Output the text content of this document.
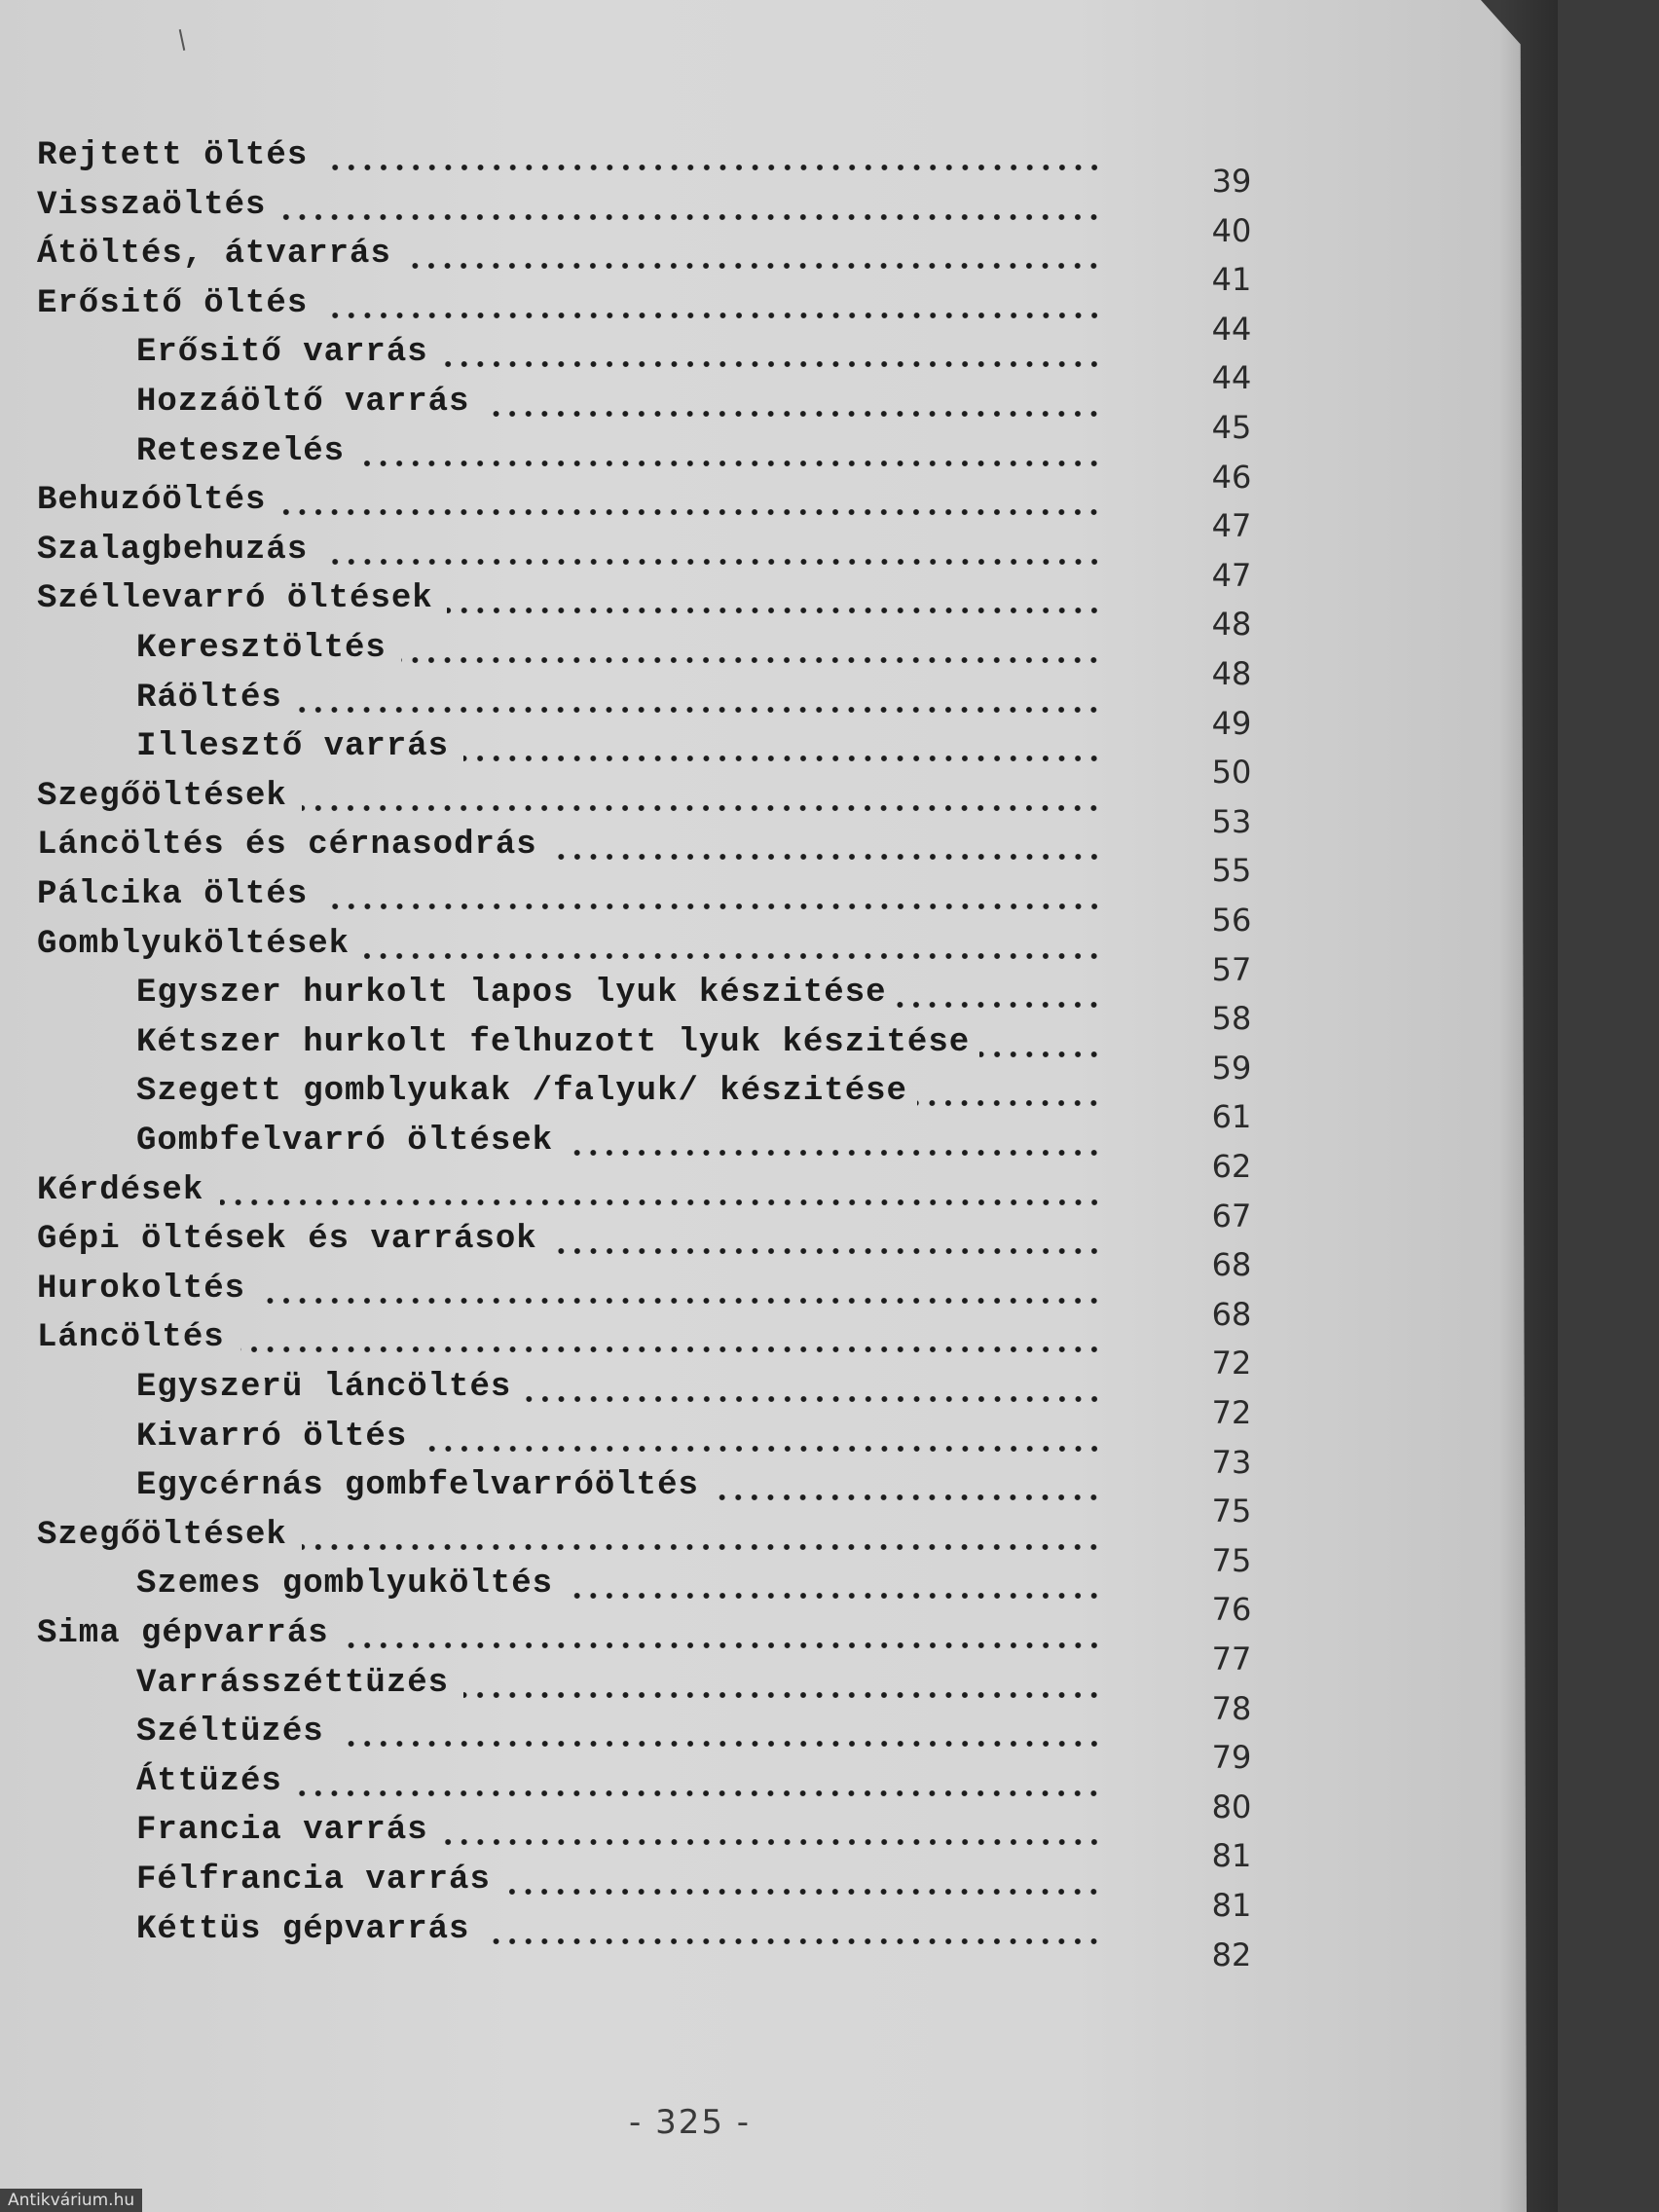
Rejtett öltés
39
Visszaöltés
40
Átöltés, átvarrás
41
Erősitő öltés
44
Erősitő varrás
44
Hozzáöltő varrás
45
Reteszelés
46
Behuzóöltés
47
Szalagbehuzás
47
Széllevarró öltések
48
Keresztöltés
48
Ráöltés
49
Illesztő varrás
50
Szegőöltések
53
Láncöltés és cérnasodrás
55
Pálcika öltés
56
Gomblyuköltések
57
Egyszer hurkolt lapos lyuk készitése
58
Kétszer hurkolt felhuzott lyuk készitése
59
Szegett gomblyukak /falyuk/ készitése
61
Gombfelvarró öltések
62
Kérdések
67
Gépi öltések és varrások
68
Hurokoltés
68
Láncöltés
72
Egyszerü láncöltés
72
Kivarró öltés
73
Egycérnás gombfelvarróöltés
75
Szegőöltések
75
Szemes gomblyuköltés
76
Sima gépvarrás
77
Varrásszéttüzés
78
Széltüzés
79
Áttüzés
80
Francia varrás
81
Félfrancia varrás
81
Kéttüs gépvarrás
82
- 325 -
Antikvárium.hu
